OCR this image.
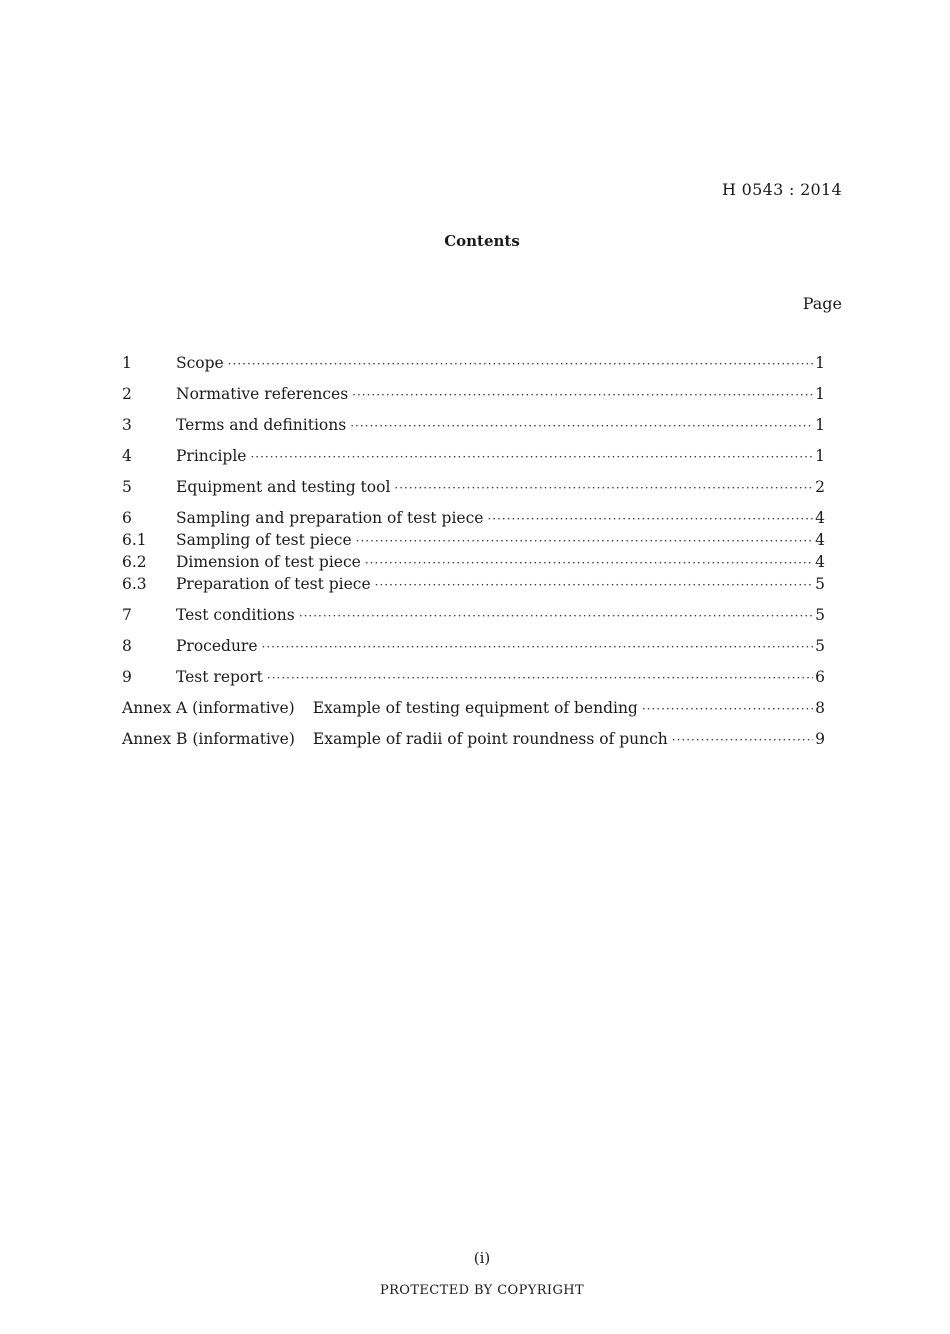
H 0543 : 2014
Contents
Page
1	Scope ·····	1
2	Normative references ·····	1
3	Terms and definitions ·····	1
4	Principle ·····	1
5	Equipment and testing tool ·····	2
6	Sampling and preparation of test piece ·····	4
6.1	Sampling of test piece ·····	4
6.2	Dimension of test piece ·····	4
6.3	Preparation of test piece ·····	5
7	Test conditions ·····	5
8	Procedure ·····	5
9	Test report ·····	6
Annex A (informative)	Example of testing equipment of bending ·····	8
Annex B (informative)	Example of radii of point roundness of punch ·····	9
(i)
PROTECTED BY COPYRIGHT
